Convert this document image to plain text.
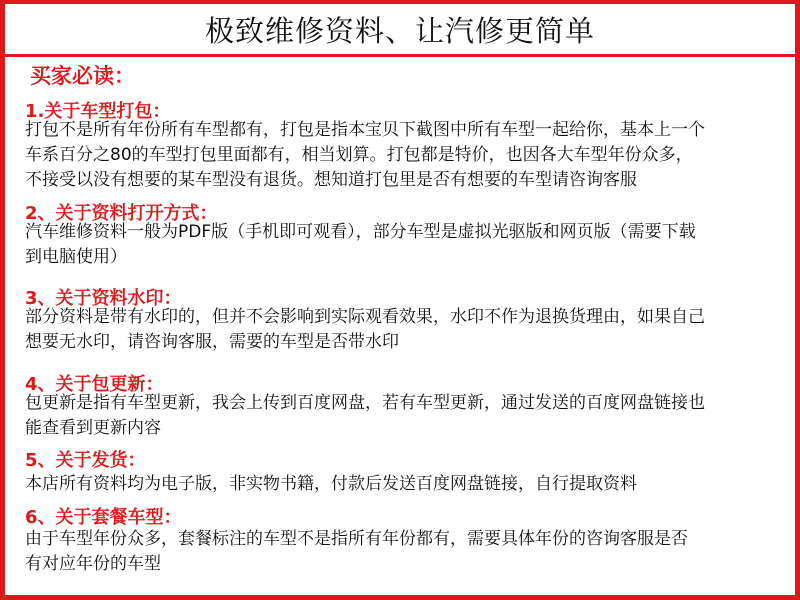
极致维修资料、让汽修更简单
买家必读：
1.关于车型打包：
打包不是所有年份所有车型都有，打包是指本宝贝下截图中所有车型一起给你，基本上一个
车系百分之80的车型打包里面都有，相当划算。打包都是特价，也因各大车型年份众多，
不接受以没有想要的某车型没有退货。想知道打包里是否有想要的车型请咨询客服
2、关于资料打开方式：
汽车维修资料一般为PDF版（手机即可观看），部分车型是虚拟光驱版和网页版（需要下载
到电脑使用）
3、关于资料水印：
部分资料是带有水印的，但并不会影响到实际观看效果，水印不作为退换货理由，如果自己
想要无水印，请咨询客服，需要的车型是否带水印
4、关于包更新：
包更新是指有车型更新，我会上传到百度网盘，若有车型更新，通过发送的百度网盘链接也
能查看到更新内容
5、关于发货：
本店所有资料均为电子版，非实物书籍，付款后发送百度网盘链接，自行提取资料
6、关于套餐车型：
由于车型年份众多，套餐标注的车型不是指所有年份都有，需要具体年份的咨询客服是否
有对应年份的车型
